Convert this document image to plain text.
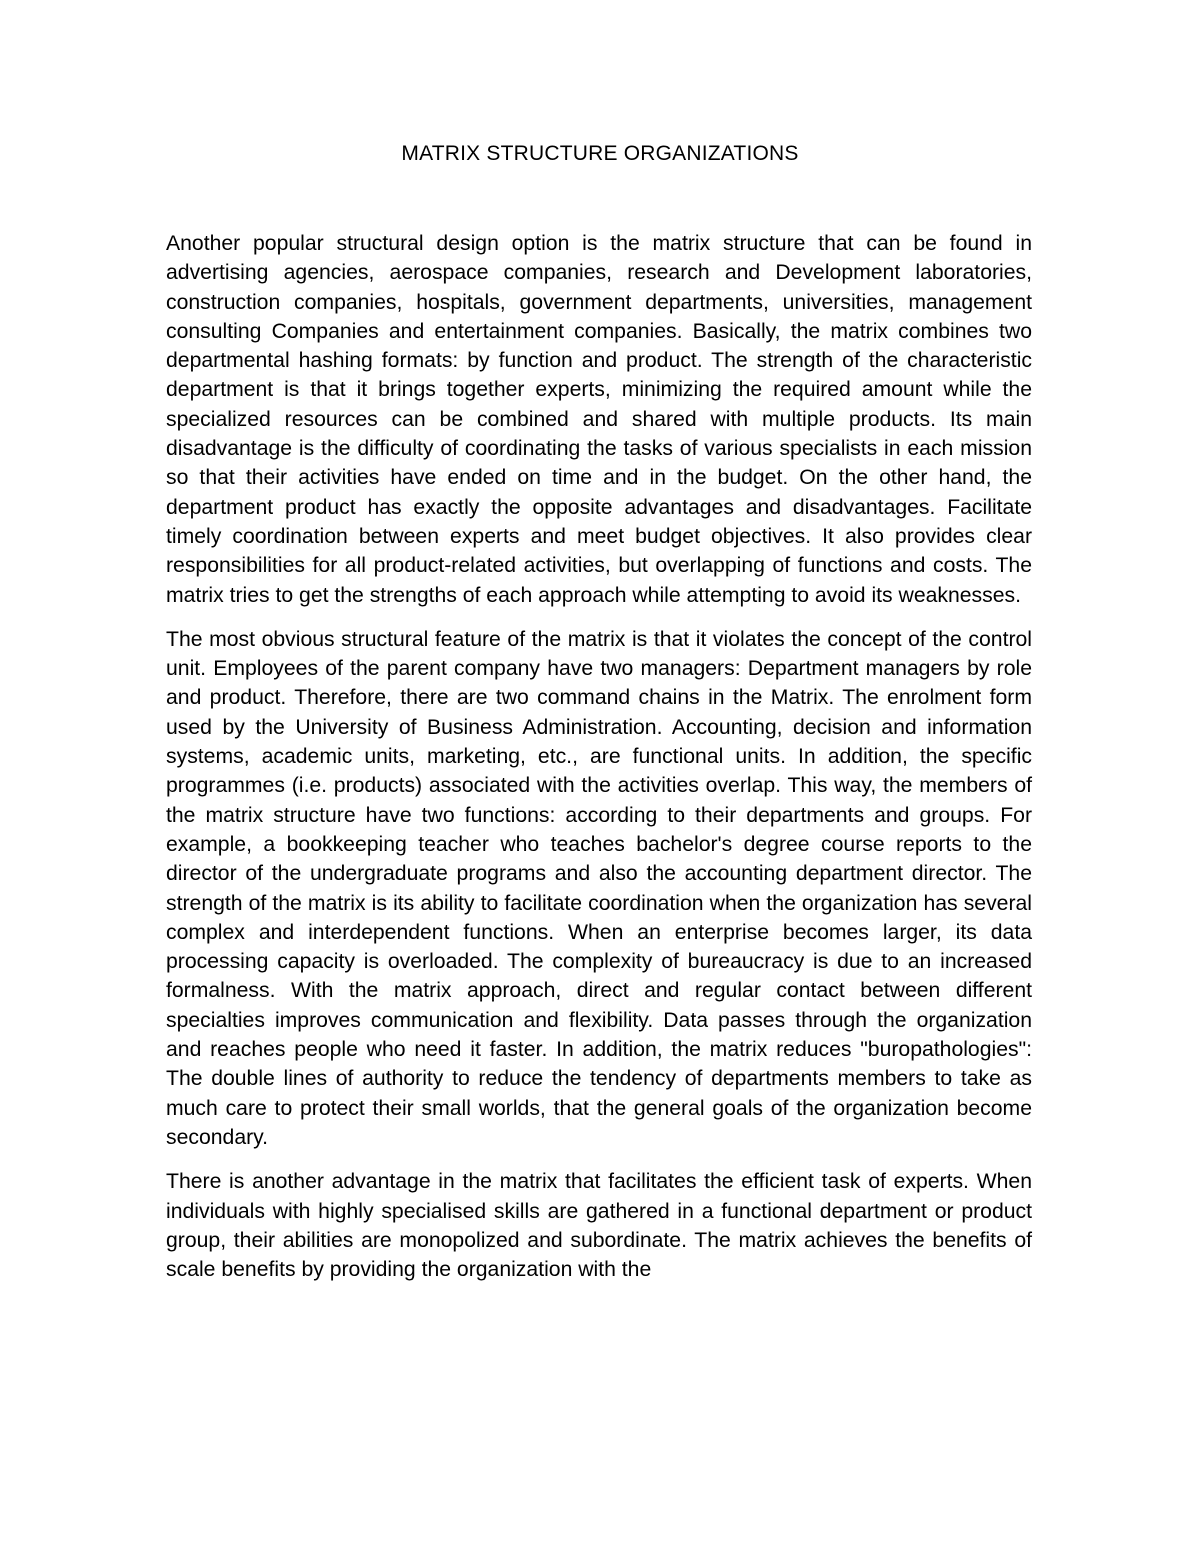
MATRIX STRUCTURE ORGANIZATIONS

Another popular structural design option is the matrix structure that can be found in advertising agencies, aerospace companies, research and Development laboratories, construction companies, hospitals, government departments, universities, management consulting Companies and entertainment companies. Basically, the matrix combines two departmental hashing formats: by function and product. The strength of the characteristic department is that it brings together experts, minimizing the required amount while the specialized resources can be combined and shared with multiple products. Its main disadvantage is the difficulty of coordinating the tasks of various specialists in each mission so that their activities have ended on time and in the budget. On the other hand, the department product has exactly the opposite advantages and disadvantages. Facilitate timely coordination between experts and meet budget objectives. It also provides clear responsibilities for all product-related activities, but overlapping of functions and costs. The matrix tries to get the strengths of each approach while attempting to avoid its weaknesses.

The most obvious structural feature of the matrix is that it violates the concept of the control unit. Employees of the parent company have two managers: Department managers by role and product. Therefore, there are two command chains in the Matrix. The enrolment form used by the University of Business Administration. Accounting, decision and information systems, academic units, marketing, etc., are functional units. In addition, the specific programmes (i.e. products) associated with the activities overlap. This way, the members of the matrix structure have two functions: according to their departments and groups. For example, a bookkeeping teacher who teaches bachelor's degree course reports to the director of the undergraduate programs and also the accounting department director. The strength of the matrix is its ability to facilitate coordination when the organization has several complex and interdependent functions. When an enterprise becomes larger, its data processing capacity is overloaded. The complexity of bureaucracy is due to an increased formalness. With the matrix approach, direct and regular contact between different specialties improves communication and flexibility. Data passes through the organization and reaches people who need it faster. In addition, the matrix reduces "buropathologies": The double lines of authority to reduce the tendency of departments members to take as much care to protect their small worlds, that the general goals of the organization become secondary.

There is another advantage in the matrix that facilitates the efficient task of experts. When individuals with highly specialised skills are gathered in a functional department or product group, their abilities are monopolized and subordinate. The matrix achieves the benefits of scale benefits by providing the organization with the
